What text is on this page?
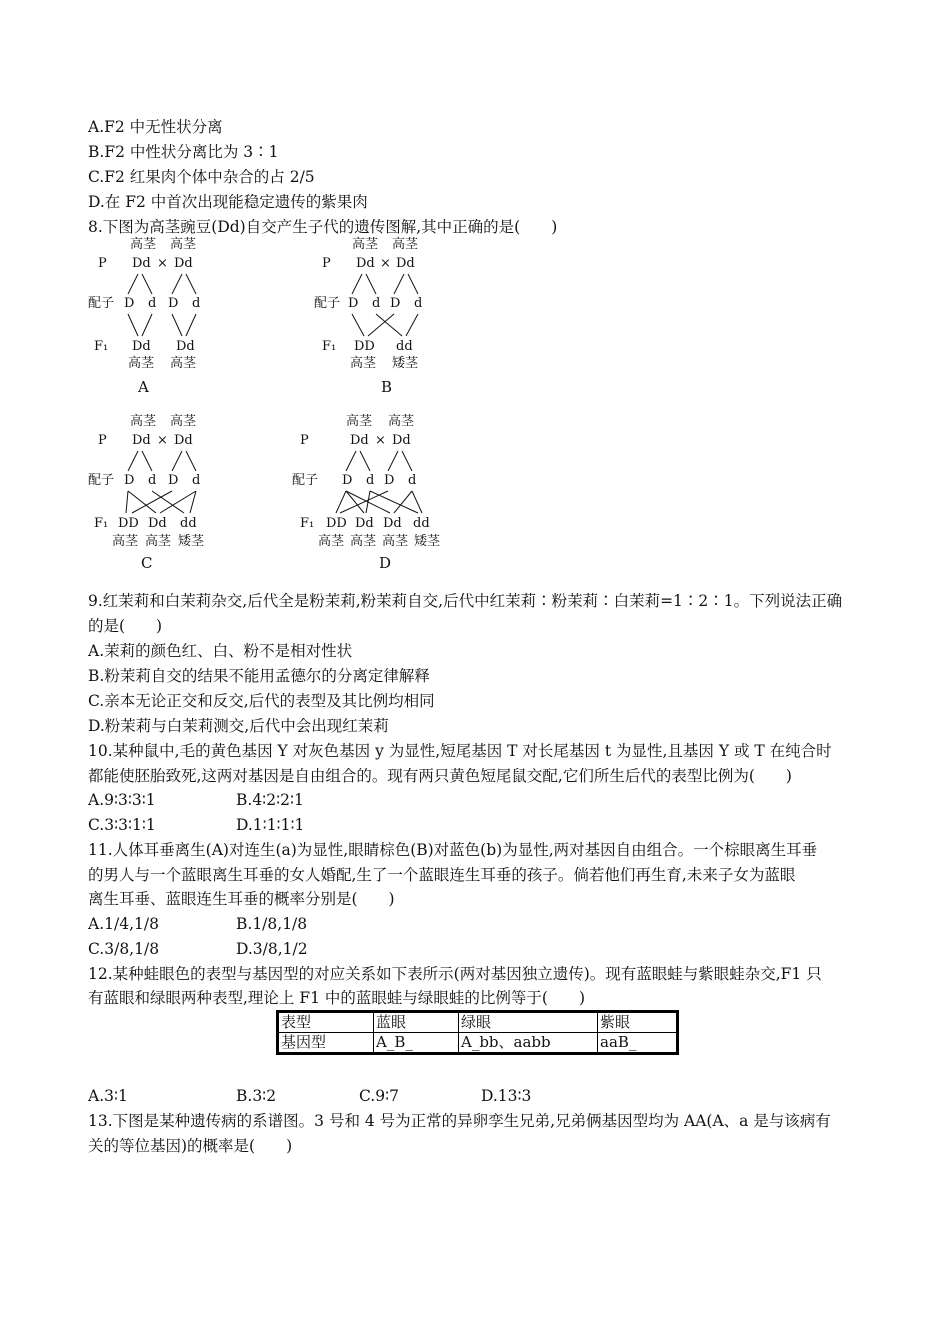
A.F2 中无性状分离
B.F2 中性状分离比为 3∶1
C.F2 红果肉个体中杂合的占 2/5
D.在 F2 中首次出现能稳定遗传的紫果肉
8.下图为高茎豌豆(Dd)自交产生子代的遗传图解,其中正确的是(　　)
高茎 高茎
P Dd × Dd
配子 D d D d
F₁ Dd Dd
高茎 高茎
A
高茎 高茎
P Dd × Dd
配子 D d D d
F₁ DD dd
高茎 矮茎
B
高茎 高茎
P Dd × Dd
配子 D d D d
F₁ DD Dd dd
高茎 高茎 矮茎
C
高茎 高茎
P	Dd × Dd
配子 D d D d
F₁ DD Dd Dd dd
高茎 高茎 高茎 矮茎
D
9.红茉莉和白茉莉杂交,后代全是粉茉莉,粉茉莉自交,后代中红茉莉∶粉茉莉∶白茉莉=1∶2∶1。下列说法正确
的是(　　)
A.茉莉的颜色红、白、粉不是相对性状
B.粉茉莉自交的结果不能用孟德尔的分离定律解释
C.亲本无论正交和反交,后代的表型及其比例均相同
D.粉茉莉与白茉莉测交,后代中会出现红茉莉
10.某种鼠中,毛的黄色基因 Y 对灰色基因 y 为显性,短尾基因 T 对长尾基因 t 为显性,且基因 Y 或 T 在纯合时
都能使胚胎致死,这两对基因是自由组合的。现有两只黄色短尾鼠交配,它们所生后代的表型比例为(　　)
A.9∶3∶3∶1	B.4∶2∶2∶1
C.3∶3∶1∶1	D.1∶1∶1∶1
11.人体耳垂离生(A)对连生(a)为显性,眼睛棕色(B)对蓝色(b)为显性,两对基因自由组合。一个棕眼离生耳垂
的男人与一个蓝眼离生耳垂的女人婚配,生了一个蓝眼连生耳垂的孩子。倘若他们再生育,未来子女为蓝眼
离生耳垂、蓝眼连生耳垂的概率分别是(　　)
A.1/4,1/8	B.1/8,1/8
C.3/8,1/8	D.3/8,1/2
12.某种蛙眼色的表型与基因型的对应关系如下表所示(两对基因独立遗传)。现有蓝眼蛙与紫眼蛙杂交,F1 只
有蓝眼和绿眼两种表型,理论上 F1 中的蓝眼蛙与绿眼蛙的比例等于(　　)
表型	蓝眼	绿眼	紫眼
基因型	A_B_	A_bb、aabb	aaB_
A.3∶1	B.3∶2	C.9∶7	D.13∶3
13.下图是某种遗传病的系谱图。3 号和 4 号为正常的异卵孪生兄弟,兄弟俩基因型均为 AA(A、a 是与该病有
关的等位基因)的概率是(　　)
